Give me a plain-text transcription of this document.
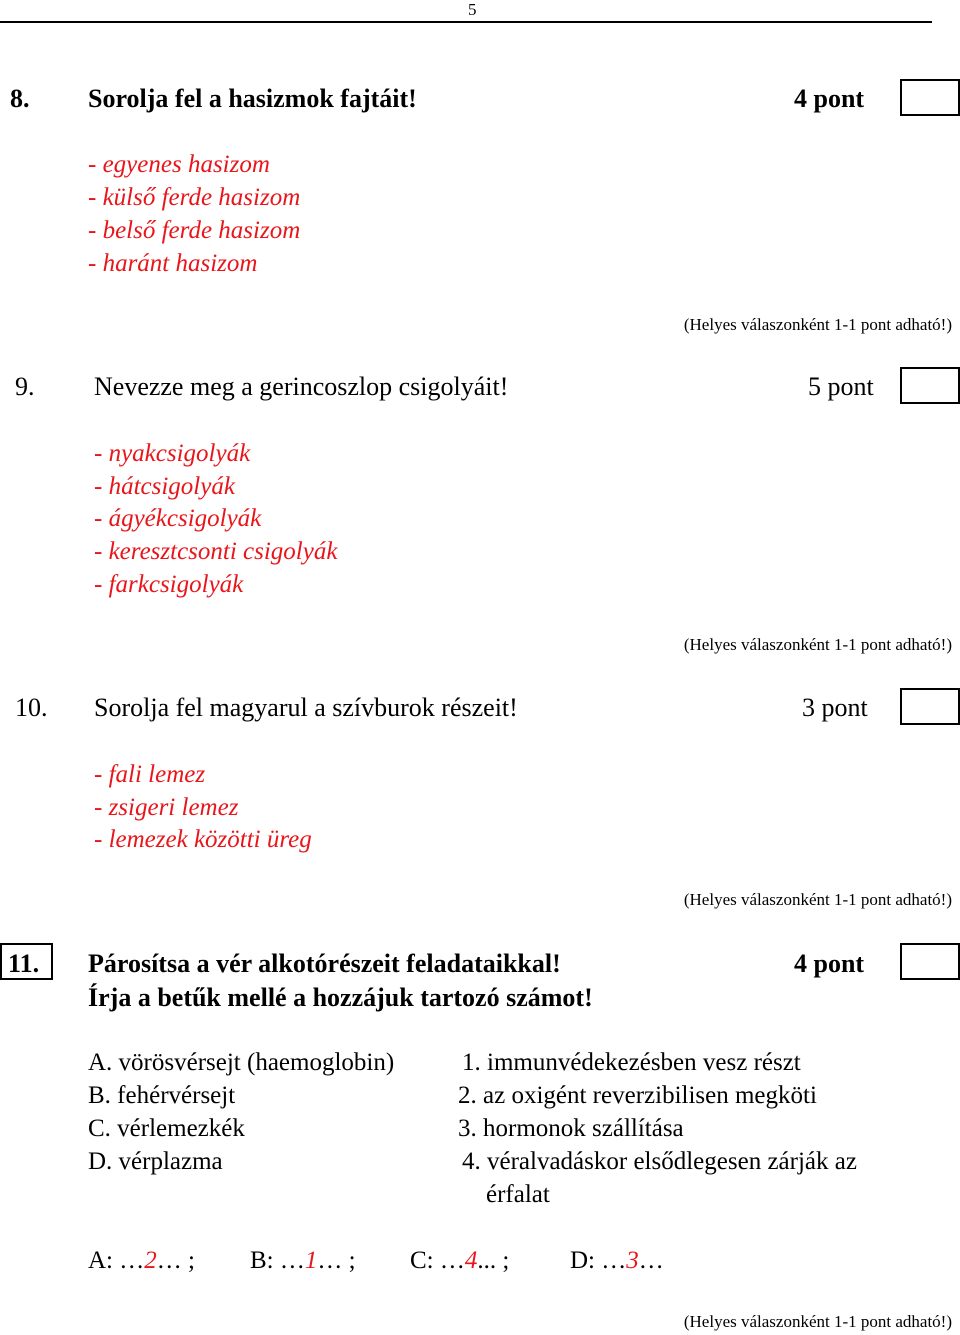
5
8. Sorolja fel a hasizmok fajtáit!	4 pont
- egyenes hasizom
- külső ferde hasizom
- belső ferde hasizom
- haránt hasizom
(Helyes válaszonként 1-1 pont adható!)
9. Nevezze meg a gerincoszlop csigolyáit!	5 pont
- nyakcsigolyák
- hátcsigolyák
- ágyékcsigolyák
- keresztcsonti csigolyák
- farkcsigolyák
(Helyes válaszonként 1-1 pont adható!)
10. Sorolja fel magyarul a szívburok részeit!	3 pont
- fali lemez
- zsigeri lemez
- lemezek közötti üreg
(Helyes válaszonként 1-1 pont adható!)
11. Párosítsa a vér alkotórészeit feladataikkal!
Írja a betűk mellé a hozzájuk tartozó számot!
4 pont
A. vörösvérsejt (haemoglobin)
B. fehérvérsejt
C. vérlemezkék
D. vérplazma
1. immunvédekezésben vesz részt
2. az oxigént reverzibilisen megköti
3. hormonok szállítása
4. véralvadáskor elsődlegesen zárják az
érfalat
A: …2… ; B: …1… ; C: …4... ; D: …3…
(Helyes válaszonként 1-1 pont adható!)
